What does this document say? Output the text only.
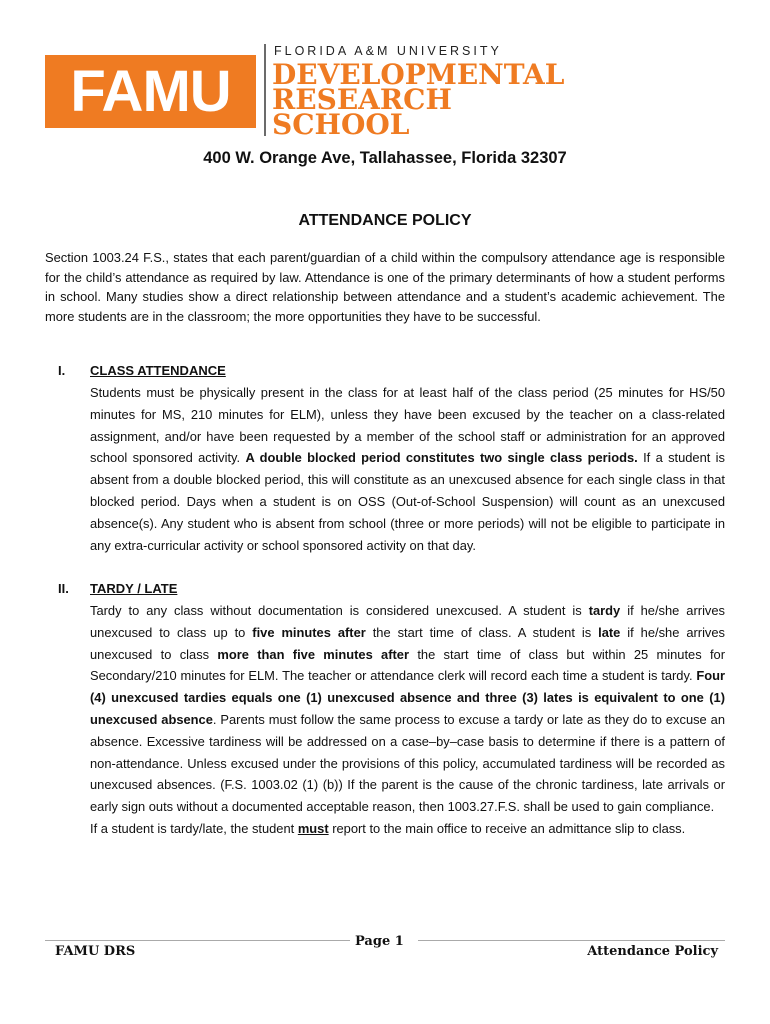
FAMU
FLORIDA A&M UNIVERSITY
DEVELOPMENTAL
RESEARCH
SCHOOL
400 W. Orange Ave, Tallahassee, Florida 32307
ATTENDANCE POLICY
Section 1003.24 F.S., states that each parent/guardian of a child within the compulsory attendance age is responsible for the child’s attendance as required by law. Attendance is one of the primary determinants of how a student performs in school. Many studies show a direct relationship between attendance and a student’s academic achievement. The more students are in the classroom; the more opportunities they have to be successful.
I. CLASS ATTENDANCE

Students must be physically present in the class for at least half of the class period (25 minutes for HS/50 minutes for MS, 210 minutes for ELM), unless they have been excused by the teacher on a class-related assignment, and/or have been requested by a member of the school staff or administration for an approved school sponsored activity. A double blocked period constitutes two single class periods. If a student is absent from a double blocked period, this will constitute as an unexcused absence for each single class in that blocked period. Days when a student is on OSS (Out-of-School Suspension) will count as an unexcused absence(s). Any student who is absent from school (three or more periods) will not be eligible to participate in any extra-curricular activity or school sponsored activity on that day.

II. TARDY / LATE

Tardy to any class without documentation is considered unexcused. A student is tardy if he/she arrives unexcused to class up to five minutes after the start time of class. A student is late if he/she arrives unexcused to class more than five minutes after the start time of class but within 25 minutes for Secondary/210 minutes for ELM. The teacher or attendance clerk will record each time a student is tardy. Four (4) unexcused tardies equals one (1) unexcused absence and three (3) lates is equivalent to one (1) unexcused absence. Parents must follow the same process to excuse a tardy or late as they do to excuse an absence. Excessive tardiness will be addressed on a case–by–case basis to determine if there is a pattern of non-attendance. Unless excused under the provisions of this policy, accumulated tardiness will be recorded as unexcused absences. (F.S. 1003.02 (1) (b)) If the parent is the cause of the chronic tardiness, late arrivals or early sign outs without a documented acceptable reason, then 1003.27.F.S. shall be used to gain compliance.

If a student is tardy/late, the student must report to the main office to receive an admittance slip to class.

FAMU DRS
Page 1
Attendance Policy
